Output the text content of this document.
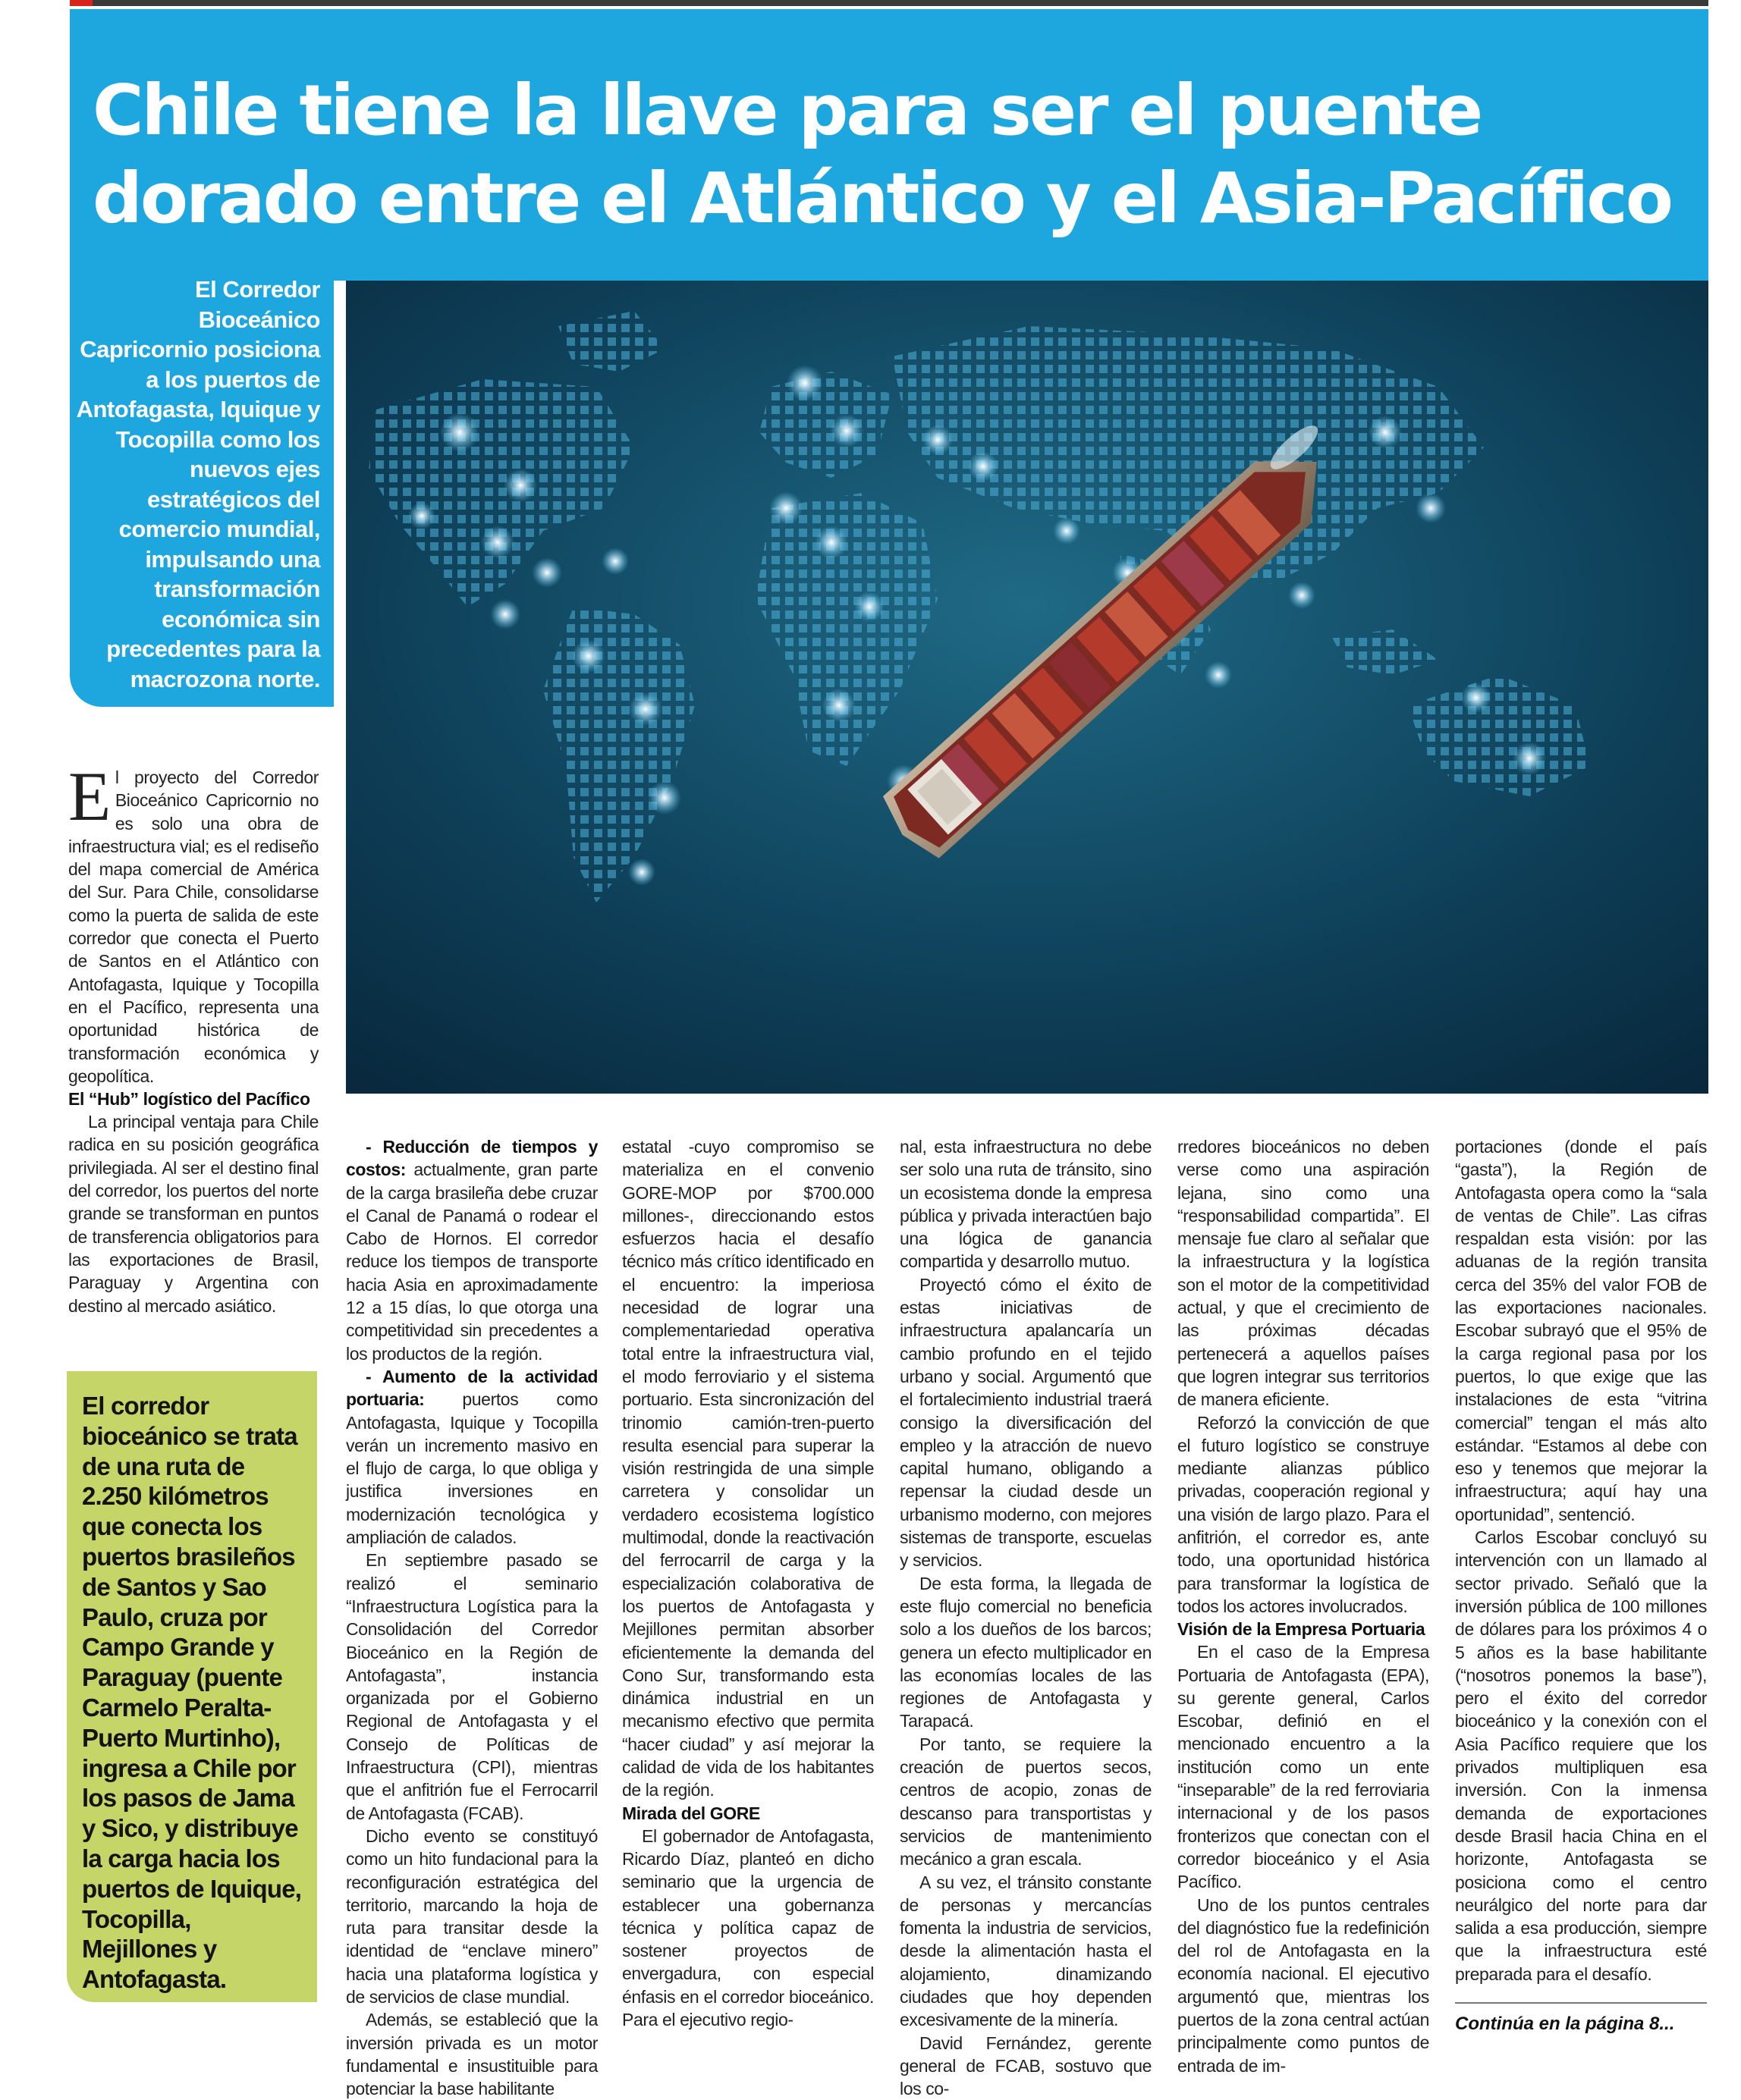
Chile tiene la llave para ser el puente dorado entre el Atlántico y el Asia-Pacífico

El Corredor Bioceánico Capricornio posiciona a los puertos de Antofagasta, Iquique y Tocopilla como los nuevos ejes estratégicos del comercio mundial, impulsando una transformación económica sin precedentes para la macrozona norte.

El proyecto del Corredor Bioceánico Capricornio no es solo una obra de infraestructura vial; es el rediseño del mapa comercial de América del Sur. Para Chile, consolidarse como la puerta de salida de este corredor que conecta el Puerto de Santos en el Atlántico con Antofagasta, Iquique y Tocopilla en el Pacífico, representa una oportunidad histórica de transformación económica y geopolítica.

El “Hub” logístico del Pacífico

La principal ventaja para Chile radica en su posición geográfica privilegiada. Al ser el destino final del corredor, los puertos del norte grande se transforman en puntos de transferencia obligatorios para las exportaciones de Brasil, Paraguay y Argentina con destino al mercado asiático.

El corredor bioceánico se trata de una ruta de 2.250 kilómetros que conecta los puertos brasileños de Santos y Sao Paulo, cruza por Campo Grande y Paraguay (puente Carmelo Peralta-Puerto Murtinho), ingresa a Chile por los pasos de Jama y Sico, y distribuye la carga hacia los puertos de Iquique, Tocopilla, Mejillones y Antofagasta.

- Reducción de tiempos y costos: actualmente, gran parte de la carga brasileña debe cruzar el Canal de Panamá o rodear el Cabo de Hornos. El corredor reduce los tiempos de transporte hacia Asia en aproximadamente 12 a 15 días, lo que otorga una competitividad sin precedentes a los productos de la región.

- Aumento de la actividad portuaria: puertos como Antofagasta, Iquique y Tocopilla verán un incremento masivo en el flujo de carga, lo que obliga y justifica inversiones en modernización tecnológica y ampliación de calados.

En septiembre pasado se realizó el seminario “Infraestructura Logística para la Consolidación del Corredor Bioceánico en la Región de Antofagasta”, instancia organizada por el Gobierno Regional de Antofagasta y el Consejo de Políticas de Infraestructura (CPI), mientras que el anfitrión fue el Ferrocarril de Antofagasta (FCAB).

Dicho evento se constituyó como un hito fundacional para la reconfiguración estratégica del territorio, marcando la hoja de ruta para transitar desde la identidad de “enclave minero” hacia una plataforma logística y de servicios de clase mundial.

Además, se estableció que la inversión privada es un motor fundamental e insustituible para potenciar la base habilitante

estatal -cuyo compromiso se materializa en el convenio GORE-MOP por $700.000 millones-, direccionando estos esfuerzos hacia el desafío técnico más crítico identificado en el encuentro: la imperiosa necesidad de lograr una complementariedad operativa total entre la infraestructura vial, el modo ferroviario y el sistema portuario. Esta sincronización del trinomio camión-tren-puerto resulta esencial para superar la visión restringida de una simple carretera y consolidar un verdadero ecosistema logístico multimodal, donde la reactivación del ferrocarril de carga y la especialización colaborativa de los puertos de Antofagasta y Mejillones permitan absorber eficientemente la demanda del Cono Sur, transformando esta dinámica industrial en un mecanismo efectivo que permita “hacer ciudad” y así mejorar la calidad de vida de los habitantes de la región.

Mirada del GORE

El gobernador de Antofagasta, Ricardo Díaz, planteó en dicho seminario que la urgencia de establecer una gobernanza técnica y política capaz de sostener proyectos de envergadura, con especial énfasis en el corredor bioceánico. Para el ejecutivo regio-

nal, esta infraestructura no debe ser solo una ruta de tránsito, sino un ecosistema donde la empresa pública y privada interactúen bajo una lógica de ganancia compartida y desarrollo mutuo.

Proyectó cómo el éxito de estas iniciativas de infraestructura apalancaría un cambio profundo en el tejido urbano y social. Argumentó que el fortalecimiento industrial traerá consigo la diversificación del empleo y la atracción de nuevo capital humano, obligando a repensar la ciudad desde un urbanismo moderno, con mejores sistemas de transporte, escuelas y servicios.

De esta forma, la llegada de este flujo comercial no beneficia solo a los dueños de los barcos; genera un efecto multiplicador en las economías locales de las regiones de Antofagasta y Tarapacá.

Por tanto, se requiere la creación de puertos secos, centros de acopio, zonas de descanso para transportistas y servicios de mantenimiento mecánico a gran escala.

A su vez, el tránsito constante de personas y mercancías fomenta la industria de servicios, desde la alimentación hasta el alojamiento, dinamizando ciudades que hoy dependen excesivamente de la minería.

David Fernández, gerente general de FCAB, sostuvo que los co-

rredores bioceánicos no deben verse como una aspiración lejana, sino como una “responsabilidad compartida”. El mensaje fue claro al señalar que la infraestructura y la logística son el motor de la competitividad actual, y que el crecimiento de las próximas décadas pertenecerá a aquellos países que logren integrar sus territorios de manera eficiente.

Reforzó la convicción de que el futuro logístico se construye mediante alianzas público privadas, cooperación regional y una visión de largo plazo. Para el anfitrión, el corredor es, ante todo, una oportunidad histórica para transformar la logística de todos los actores involucrados.

Visión de la Empresa Portuaria

En el caso de la Empresa Portuaria de Antofagasta (EPA), su gerente general, Carlos Escobar, definió en el mencionado encuentro a la institución como un ente “inseparable” de la red ferroviaria internacional y de los pasos fronterizos que conectan con el corredor bioceánico y el Asia Pacífico.

Uno de los puntos centrales del diagnóstico fue la redefinición del rol de Antofagasta en la economía nacional. El ejecutivo argumentó que, mientras los puertos de la zona central actúan principalmente como puntos de entrada de im-

portaciones (donde el país “gasta”), la Región de Antofagasta opera como la “sala de ventas de Chile”. Las cifras respaldan esta visión: por las aduanas de la región transita cerca del 35% del valor FOB de las exportaciones nacionales. Escobar subrayó que el 95% de la carga regional pasa por los puertos, lo que exige que las instalaciones de esta “vitrina comercial” tengan el más alto estándar. “Estamos al debe con eso y tenemos que mejorar la infraestructura; aquí hay una oportunidad”, sentenció.

Carlos Escobar concluyó su intervención con un llamado al sector privado. Señaló que la inversión pública de 100 millones de dólares para los próximos 4 o 5 años es la base habilitante (“nosotros ponemos la base”), pero el éxito del corredor bioceánico y la conexión con el Asia Pacífico requiere que los privados multipliquen esa inversión. Con la inmensa demanda de exportaciones desde Brasil hacia China en el horizonte, Antofagasta se posiciona como el centro neurálgico del norte para dar salida a esa producción, siempre que la infraestructura esté preparada para el desafío.

Continúa en la página 8...
